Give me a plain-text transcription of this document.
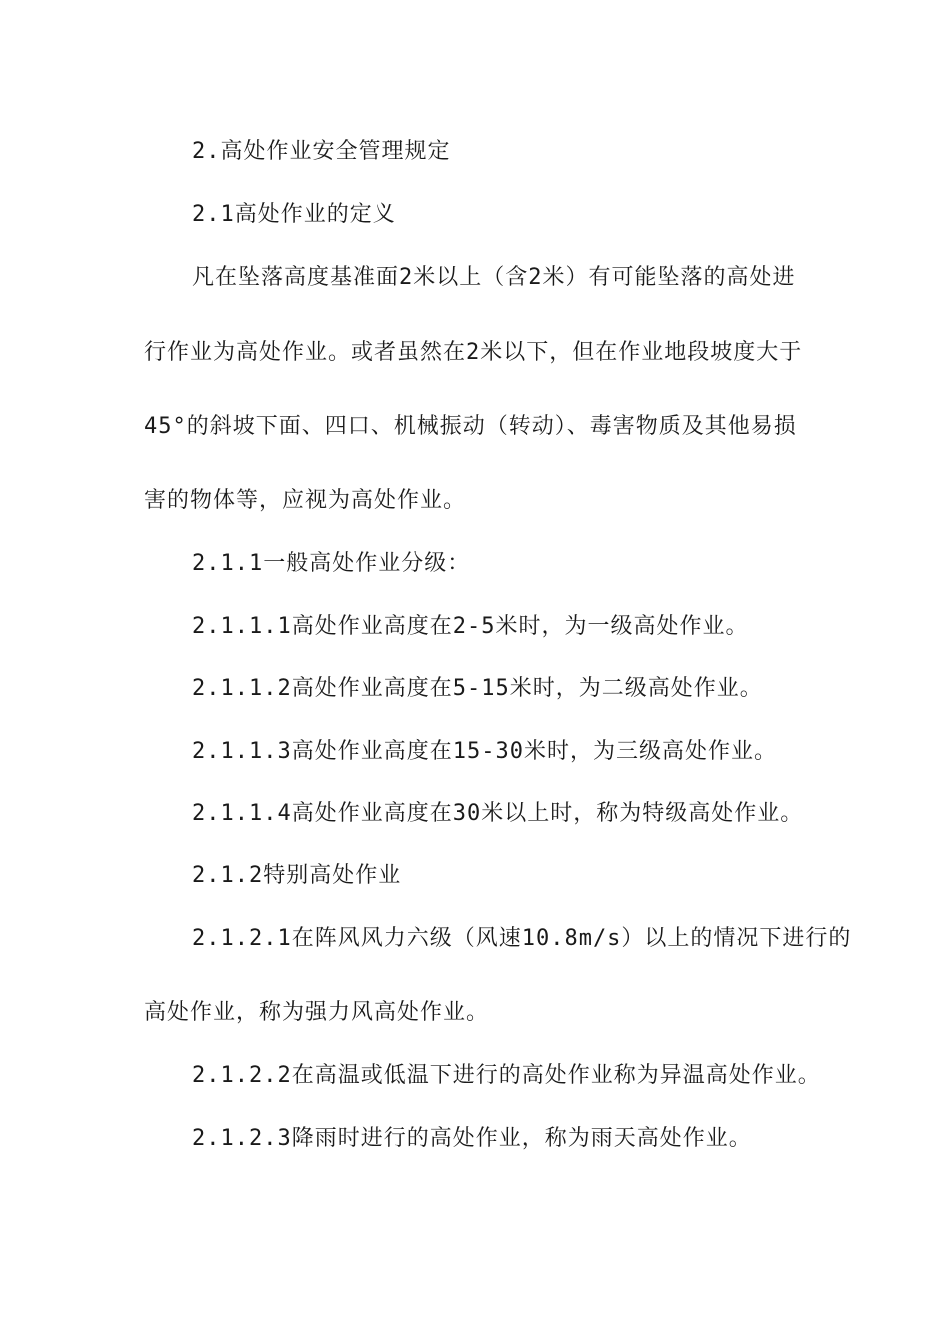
2.高处作业安全管理规定

2.1高处作业的定义

凡在坠落高度基准面2米以上（含2米）有可能坠落的高处进

行作业为高处作业。或者虽然在2米以下，但在作业地段坡度大于

45°的斜坡下面、四口、机械振动（转动）、毒害物质及其他易损

害的物体等，应视为高处作业。

2.1.1一般高处作业分级：

2.1.1.1高处作业高度在2-5米时，为一级高处作业。

2.1.1.2高处作业高度在5-15米时，为二级高处作业。

2.1.1.3高处作业高度在15-30米时，为三级高处作业。

2.1.1.4高处作业高度在30米以上时，称为特级高处作业。

2.1.2特别高处作业

2.1.2.1在阵风风力六级（风速10.8m/s）以上的情况下进行的

高处作业，称为强力风高处作业。

2.1.2.2在高温或低温下进行的高处作业称为异温高处作业。

2.1.2.3降雨时进行的高处作业，称为雨天高处作业。
